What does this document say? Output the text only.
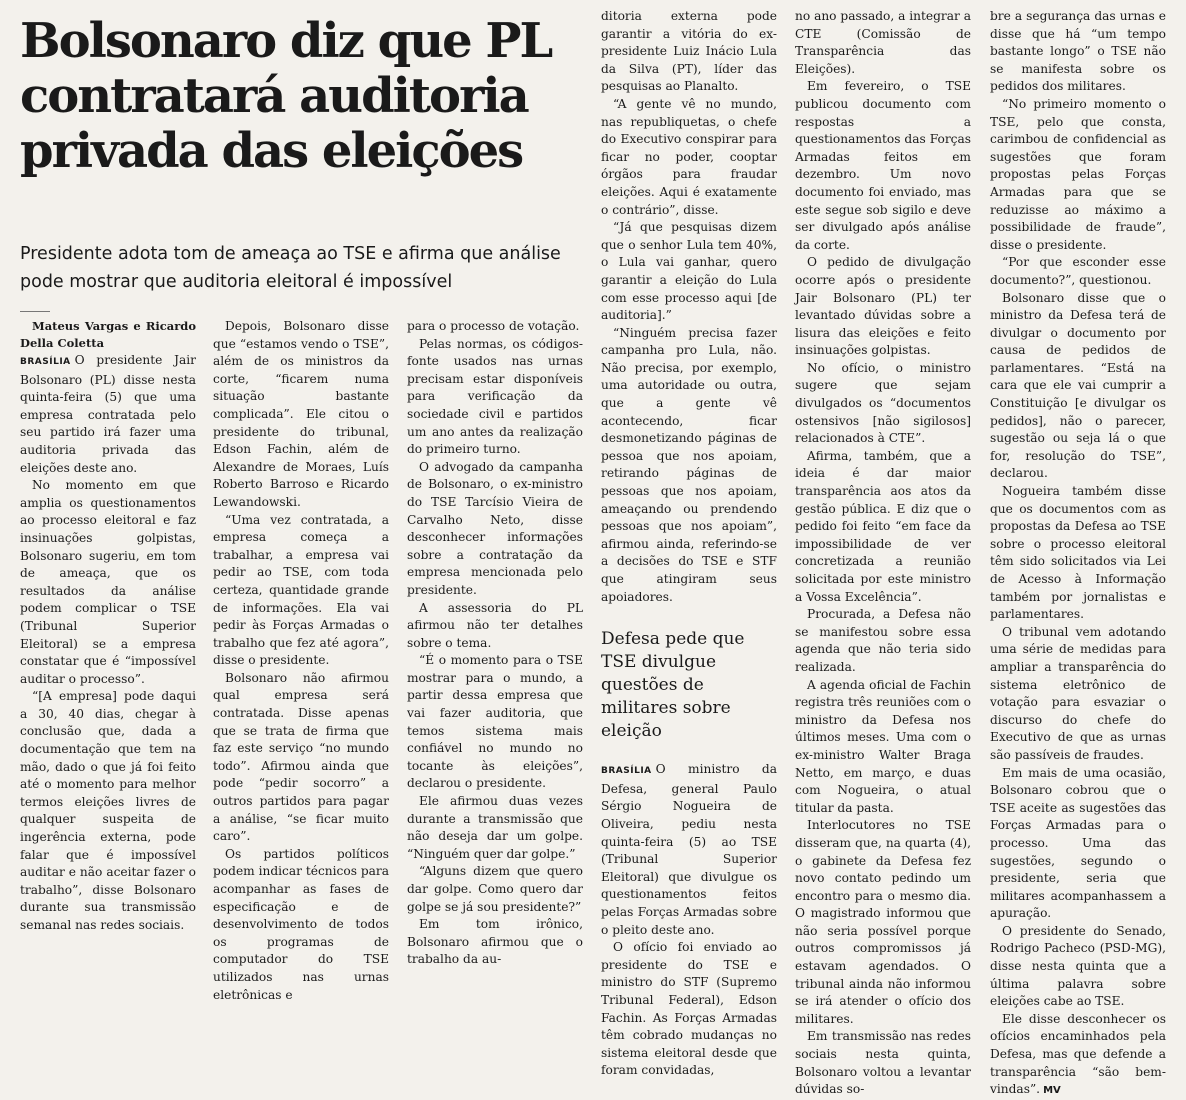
Bolsonaro diz que PL contratará auditoria privada das eleições

Presidente adota tom de ameaça ao TSE e afirma que análise pode mostrar que auditoria eleitoral é impossível

Mateus Vargas e Ricardo Della Coletta

BRASÍLIA O presidente Jair Bolsonaro (PL) disse nesta quinta-feira (5) que uma empresa contratada pelo seu partido irá fazer uma auditoria privada das eleições deste ano.

No momento em que amplia os questionamentos ao processo eleitoral e faz insinuações golpistas, Bolsonaro sugeriu, em tom de ameaça, que os resultados da análise podem complicar o TSE (Tribunal Superior Eleitoral) se a empresa constatar que é “impossível auditar o processo”.

“[A empresa] pode daqui a 30, 40 dias, chegar à conclusão que, dada a documentação que tem na mão, dado o que já foi feito até o momento para melhor termos eleições livres de qualquer suspeita de ingerência externa, pode falar que é impossível auditar e não aceitar fazer o trabalho”, disse Bolsonaro durante sua transmissão semanal nas redes sociais.

Depois, Bolsonaro disse que “estamos vendo o TSE”, além de os ministros da corte, “ficarem numa situação bastante complicada”. Ele citou o presidente do tribunal, Edson Fachin, além de Alexandre de Moraes, Luís Roberto Barroso e Ricardo Lewandowski.

“Uma vez contratada, a empresa começa a trabalhar, a empresa vai pedir ao TSE, com toda certeza, quantidade grande de informações. Ela vai pedir às Forças Armadas o trabalho que fez até agora”, disse o presidente.

Bolsonaro não afirmou qual empresa será contratada. Disse apenas que se trata de firma que faz este serviço “no mundo todo”. Afirmou ainda que pode “pedir socorro” a outros partidos para pagar a análise, “se ficar muito caro”.

Os partidos políticos podem indicar técnicos para acompanhar as fases de especificação e de desenvolvimento de todos os programas de computador do TSE utilizados nas urnas eletrônicas e

para o processo de votação.

Pelas normas, os códigos-fonte usados nas urnas precisam estar disponíveis para verificação da sociedade civil e partidos um ano antes da realização do primeiro turno.

O advogado da campanha de Bolsonaro, o ex-ministro do TSE Tarcísio Vieira de Carvalho Neto, disse desconhecer informações sobre a contratação da empresa mencionada pelo presidente.

A assessoria do PL afirmou não ter detalhes sobre o tema.

“É o momento para o TSE mostrar para o mundo, a partir dessa empresa que vai fazer auditoria, que temos sistema mais confiável no mundo no tocante às eleições”, declarou o presidente.

Ele afirmou duas vezes durante a transmissão que não deseja dar um golpe. “Ninguém quer dar golpe.”

“Alguns dizem que quero dar golpe. Como quero dar golpe se já sou presidente?”

Em tom irônico, Bolsonaro afirmou que o trabalho da au-

ditoria externa pode garantir a vitória do ex-presidente Luiz Inácio Lula da Silva (PT), líder das pesquisas ao Planalto.

“A gente vê no mundo, nas republiquetas, o chefe do Executivo conspirar para ficar no poder, cooptar órgãos para fraudar eleições. Aqui é exatamente o contrário”, disse.

“Já que pesquisas dizem que o senhor Lula tem 40%, o Lula vai ganhar, quero garantir a eleição do Lula com esse processo aqui [de auditoria].”

“Ninguém precisa fazer campanha pro Lula, não. Não precisa, por exemplo, uma autoridade ou outra, que a gente vê acontecendo, ficar desmonetizando páginas de pessoa que nos apoiam, retirando páginas de pessoas que nos apoiam, ameaçando ou prendendo pessoas que nos apoiam”, afirmou ainda, referindo-se a decisões do TSE e STF que atingiram seus apoiadores.

Defesa pede que TSE divulgue questões de militares sobre eleição

BRASÍLIA O ministro da Defesa, general Paulo Sérgio Nogueira de Oliveira, pediu nesta quinta-feira (5) ao TSE (Tribunal Superior Eleitoral) que divulgue os questionamentos feitos pelas Forças Armadas sobre o pleito deste ano.

O ofício foi enviado ao presidente do TSE e ministro do STF (Supremo Tribunal Federal), Edson Fachin. As Forças Armadas têm cobrado mudanças no sistema eleitoral desde que foram convidadas,

no ano passado, a integrar a CTE (Comissão de Transparência das Eleições).

Em fevereiro, o TSE publicou documento com respostas a questionamentos das Forças Armadas feitos em dezembro. Um novo documento foi enviado, mas este segue sob sigilo e deve ser divulgado após análise da corte.

O pedido de divulgação ocorre após o presidente Jair Bolsonaro (PL) ter levantado dúvidas sobre a lisura das eleições e feito insinuações golpistas.

No ofício, o ministro sugere que sejam divulgados os “documentos ostensivos [não sigilosos] relacionados à CTE”.

Afirma, também, que a ideia é dar maior transparência aos atos da gestão pública. E diz que o pedido foi feito “em face da impossibilidade de ver concretizada a reunião solicitada por este ministro a Vossa Excelência”.

Procurada, a Defesa não se manifestou sobre essa agenda que não teria sido realizada.

A agenda oficial de Fachin registra três reuniões com o ministro da Defesa nos últimos meses. Uma com o ex-ministro Walter Braga Netto, em março, e duas com Nogueira, o atual titular da pasta.

Interlocutores no TSE disseram que, na quarta (4), o gabinete da Defesa fez novo contato pedindo um encontro para o mesmo dia. O magistrado informou que não seria possível porque outros compromissos já estavam agendados. O tribunal ainda não informou se irá atender o ofício dos militares.

Em transmissão nas redes sociais nesta quinta, Bolsonaro voltou a levantar dúvidas so-

bre a segurança das urnas e disse que há “um tempo bastante longo” o TSE não se manifesta sobre os pedidos dos militares.

“No primeiro momento o TSE, pelo que consta, carimbou de confidencial as sugestões que foram propostas pelas Forças Armadas para que se reduzisse ao máximo a possibilidade de fraude”, disse o presidente.

“Por que esconder esse documento?”, questionou.

Bolsonaro disse que o ministro da Defesa terá de divulgar o documento por causa de pedidos de parlamentares. “Está na cara que ele vai cumprir a Constituição [e divulgar os pedidos], não o parecer, sugestão ou seja lá o que for, resolução do TSE”, declarou.

Nogueira também disse que os documentos com as propostas da Defesa ao TSE sobre o processo eleitoral têm sido solicitados via Lei de Acesso à Informação também por jornalistas e parlamentares.

O tribunal vem adotando uma série de medidas para ampliar a transparência do sistema eletrônico de votação para esvaziar o discurso do chefe do Executivo de que as urnas são passíveis de fraudes.

Em mais de uma ocasião, Bolsonaro cobrou que o TSE aceite as sugestões das Forças Armadas para o processo. Uma das sugestões, segundo o presidente, seria que militares acompanhassem a apuração.

O presidente do Senado, Rodrigo Pacheco (PSD-MG), disse nesta quinta que a última palavra sobre eleições cabe ao TSE.

Ele disse desconhecer os ofícios encaminhados pela Defesa, mas que defende a transparência “são bem-vindas”. MV
